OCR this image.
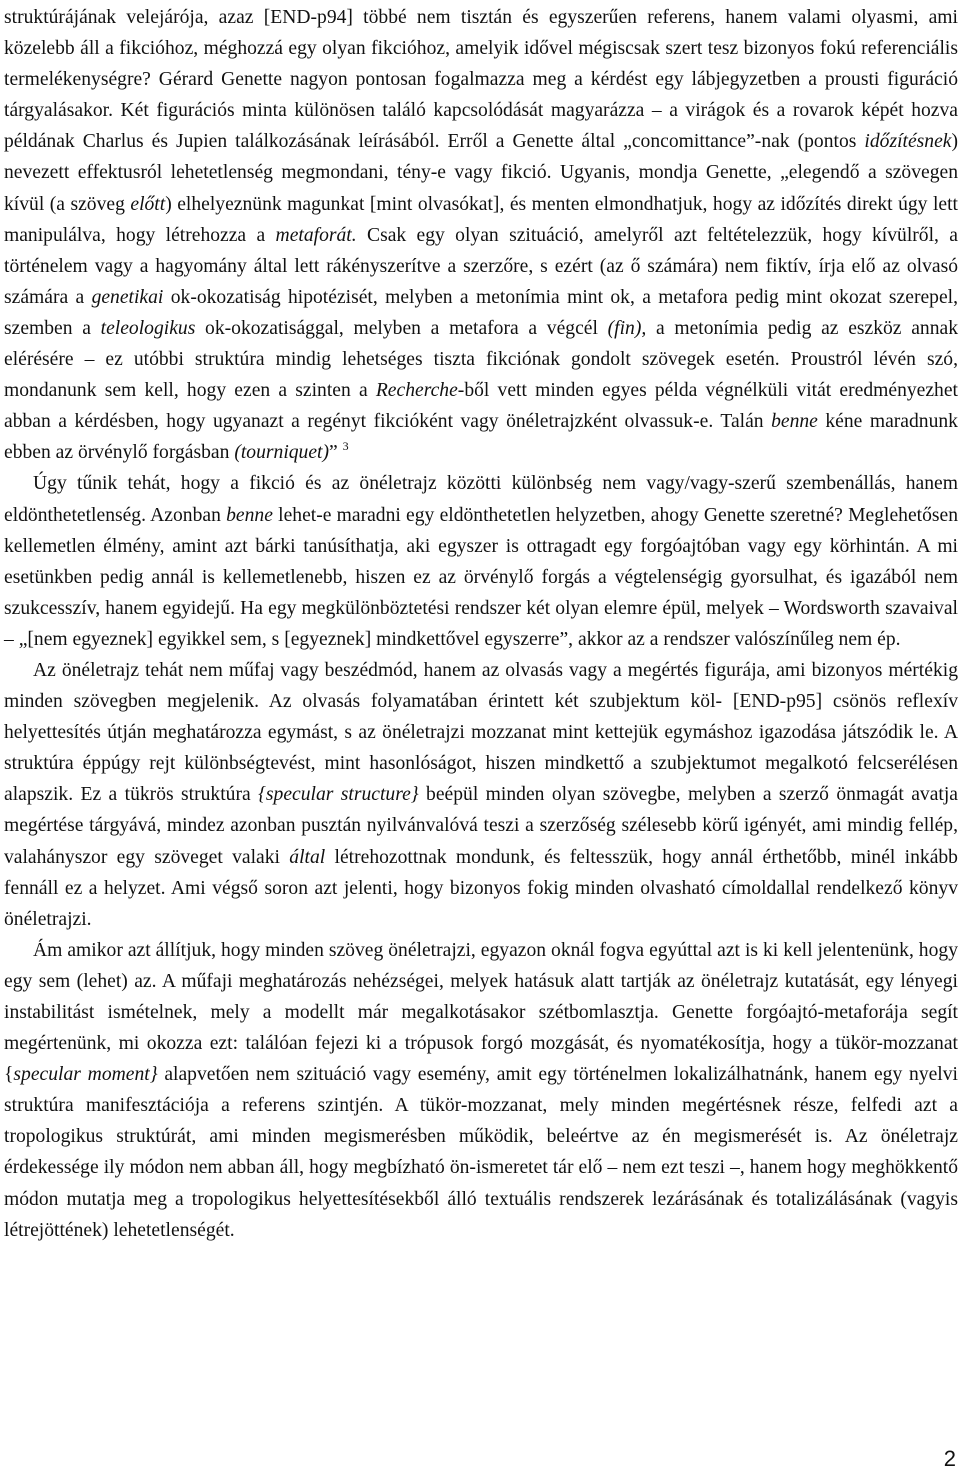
struktúrájának velejárója, azaz [END-p94] többé nem tisztán és egyszerűen referens, hanem valami olyasmi, ami közelebb áll a fikcióhoz, méghozzá egy olyan fikcióhoz, amelyik idővel mégiscsak szert tesz bizonyos fokú referenciális termelékenységre? Gérard Genette nagyon pontosan fogalmazza meg a kérdést egy lábjegyzetben a prousti figuráció tárgyalásakor. Két figurációs minta különösen találó kapcsolódását magyarázza – a virágok és a rovarok képét hozva példának Charlus és Jupien találkozásának leírásából. Erről a Genette által „concomittance”-nak (pontos időzítésnek) nevezett effektusról lehetetlenség megmondani, tény-e vagy fikció. Ugyanis, mondja Genette, „elegendő a szövegen kívül (a szöveg előtt) elhelyeznünk magunkat [mint olvasókat], és menten elmondhatjuk, hogy az időzítés direkt úgy lett manipulálva, hogy létrehozza a metaforát. Csak egy olyan szituáció, amelyről azt feltételezzük, hogy kívülről, a történelem vagy a hagyomány által lett rákényszerítve a szerzőre, s ezért (az ő számára) nem fiktív, írja elő az olvasó számára a genetikai ok-okozatiság hipotézisét, melyben a metonímia mint ok, a metafora pedig mint okozat szerepel, szemben a teleologikus ok-okozatisággal, melyben a metafora a végcél (fin), a metonímia pedig az eszköz annak elérésére – ez utóbbi struktúra mindig lehetséges tiszta fikciónak gondolt szövegek esetén. Proustról lévén szó, mondanunk sem kell, hogy ezen a szinten a Recherche-ből vett minden egyes példa végnélküli vitát eredményezhet abban a kérdésben, hogy ugyanazt a regényt fikcióként vagy önéletrajzként olvassuk-e. Talán benne kéne maradnunk ebben az örvénylő forgásban (tourniquet)” $^3$

Úgy tűnik tehát, hogy a fikció és az önéletrajz közötti különbség nem vagy/vagy-szerű szembenállás, hanem eldönthetetlenség. Azonban benne lehet-e maradni egy eldönthetetlen helyzetben, ahogy Genette szeretné? Meglehetősen kellemetlen élmény, amint azt bárki tanúsíthatja, aki egyszer is ottragadt egy forgóajtóban vagy egy körhintán. A mi esetünkben pedig annál is kellemetlenebb, hiszen ez az örvénylő forgás a végtelenségig gyorsulhat, és igazából nem szukcesszív, hanem egyidejű. Ha egy megkülönböztetési rendszer két olyan elemre épül, melyek – Wordsworth szavaival – „[nem egyeznek] egyikkel sem, s [egyeznek] mindkettővel egyszerre”, akkor az a rendszer valószínűleg nem ép.

Az önéletrajz tehát nem műfaj vagy beszédmód, hanem az olvasás vagy a megértés figurája, ami bizonyos mértékig minden szövegben megjelenik. Az olvasás folyamatában érintett két szubjektum köl- [END-p95] csönös reflexív helyettesítés útján meghatározza egymást, s az önéletrajzi mozzanat mint kettejük egymáshoz igazodása játszódik le. A struktúra éppúgy rejt különbségtevést, mint hasonlóságot, hiszen mindkettő a szubjektumot megalkotó felcserélésen alapszik. Ez a tükrös struktúra {specular structure} beépül minden olyan szövegbe, melyben a szerző önmagát avatja megértése tárgyává, mindez azonban pusztán nyilvánvalóvá teszi a szerzőség szélesebb körű igényét, ami mindig fellép, valahányszor egy szöveget valaki által létrehozottnak mondunk, és feltesszük, hogy annál érthetőbb, minél inkább fennáll ez a helyzet. Ami végső soron azt jelenti, hogy bizonyos fokig minden olvasható címoldallal rendelkező könyv önéletrajzi.

Ám amikor azt állítjuk, hogy minden szöveg önéletrajzi, egyazon oknál fogva egyúttal azt is ki kell jelentenünk, hogy egy sem (lehet) az. A műfaji meghatározás nehézségei, melyek hatásuk alatt tartják az önéletrajz kutatását, egy lényegi instabilitást ismételnek, mely a modellt már megalkotásakor szétbomlasztja. Genette forgóajtó-metaforája segít megértenünk, mi okozza ezt: találóan fejezi ki a trópusok forgó mozgását, és nyomatékosítja, hogy a tükör-mozzanat {specular moment} alapvetően nem szituáció vagy esemény, amit egy történelmen lokalizálhatnánk, hanem egy nyelvi struktúra manifesztációja a referens szintjén. A tükör-mozzanat, mely minden megértésnek része, felfedi azt a tropologikus struktúrát, ami minden megismerésben működik, beleértve az én megismerését is. Az önéletrajz érdekessége ily módon nem abban áll, hogy megbízható ön-ismeretet tár elő – nem ezt teszi –, hanem hogy meghökkentő módon mutatja meg a tropologikus helyettesítésekből álló textuális rendszerek lezárásának és totalizálásának (vagyis létrejöttének) lehetetlenségét.

2
